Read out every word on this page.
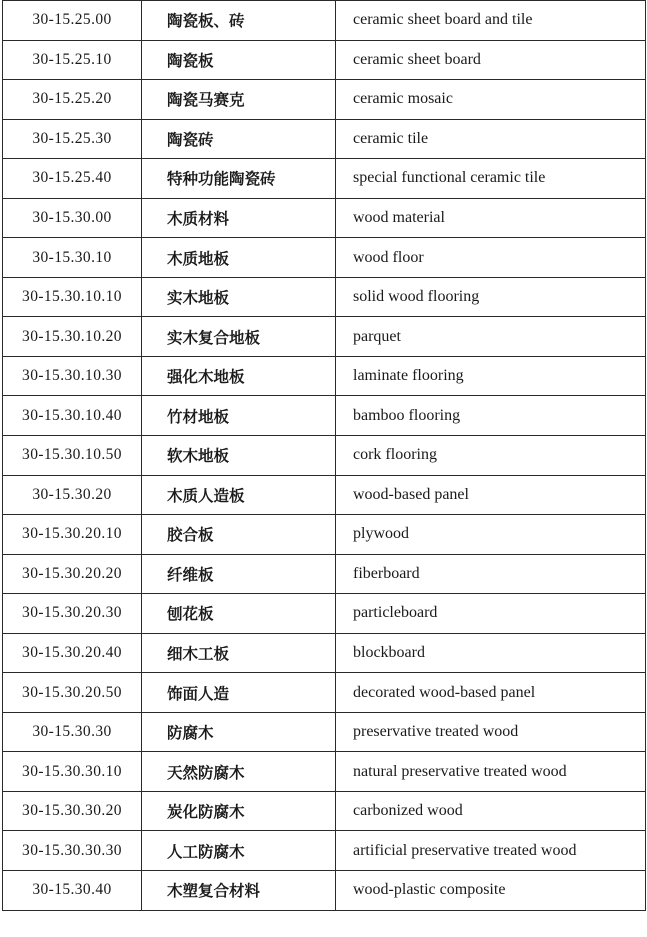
30-15.25.00	陶瓷板、砖	ceramic sheet board and tile
30-15.25.10	陶瓷板	ceramic sheet board
30-15.25.20	陶瓷马赛克	ceramic mosaic
30-15.25.30	陶瓷砖	ceramic tile
30-15.25.40	特种功能陶瓷砖	special functional ceramic tile
30-15.30.00	木质材料	wood material
30-15.30.10	木质地板	wood floor
30-15.30.10.10	实木地板	solid wood flooring
30-15.30.10.20	实木复合地板	parquet
30-15.30.10.30	强化木地板	laminate flooring
30-15.30.10.40	竹材地板	bamboo flooring
30-15.30.10.50	软木地板	cork flooring
30-15.30.20	木质人造板	wood-based panel
30-15.30.20.10	胶合板	plywood
30-15.30.20.20	纤维板	fiberboard
30-15.30.20.30	刨花板	particleboard
30-15.30.20.40	细木工板	blockboard
30-15.30.20.50	饰面人造	decorated wood-based panel
30-15.30.30	防腐木	preservative treated wood
30-15.30.30.10	天然防腐木	natural preservative treated wood
30-15.30.30.20	炭化防腐木	carbonized wood
30-15.30.30.30	人工防腐木	artificial preservative treated wood
30-15.30.40	木塑复合材料	wood-plastic composite
